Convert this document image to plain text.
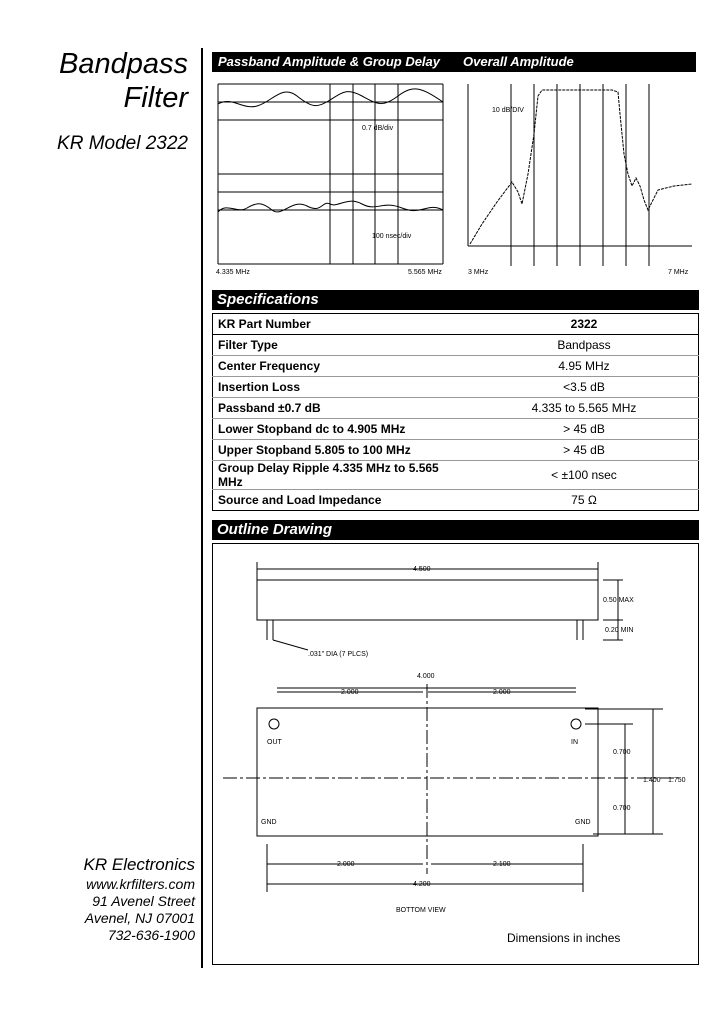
Bandpass
Filter
KR Model 2322
Passband Amplitude & Group Delay Overall Amplitude
0.7 dB/div
100 nsec/div
4.335 MHz	5.565 MHz
10 dB/DIV
3 MHz	7 MHz
Specifications
KR Part Number	2322
Filter Type	Bandpass
Center Frequency	4.95 MHz
Insertion Loss	<3.5 dB
Passband ±0.7 dB	4.335 to 5.565 MHz
Lower Stopband dc to 4.905 MHz	> 45 dB
Upper Stopband 5.805 to 100 MHz	> 45 dB
Group Delay Ripple 4.335 MHz to 5.565 MHz	< ±100 nsec
Source and Load Impedance	75 Ω
Outline Drawing
4.500
0.50 MAX
0.20 MIN
.031" DIA (7 PLCS)
4.000
2.000	2.000
OUT	IN
GND	GND
0.700
0.700
1.400 1.750
2.000	2.100
4.200
BOTTOM VIEW
Dimensions in inches
KR Electronics
www.krfilters.com
91 Avenel Street
Avenel, NJ 07001
732-636-1900
